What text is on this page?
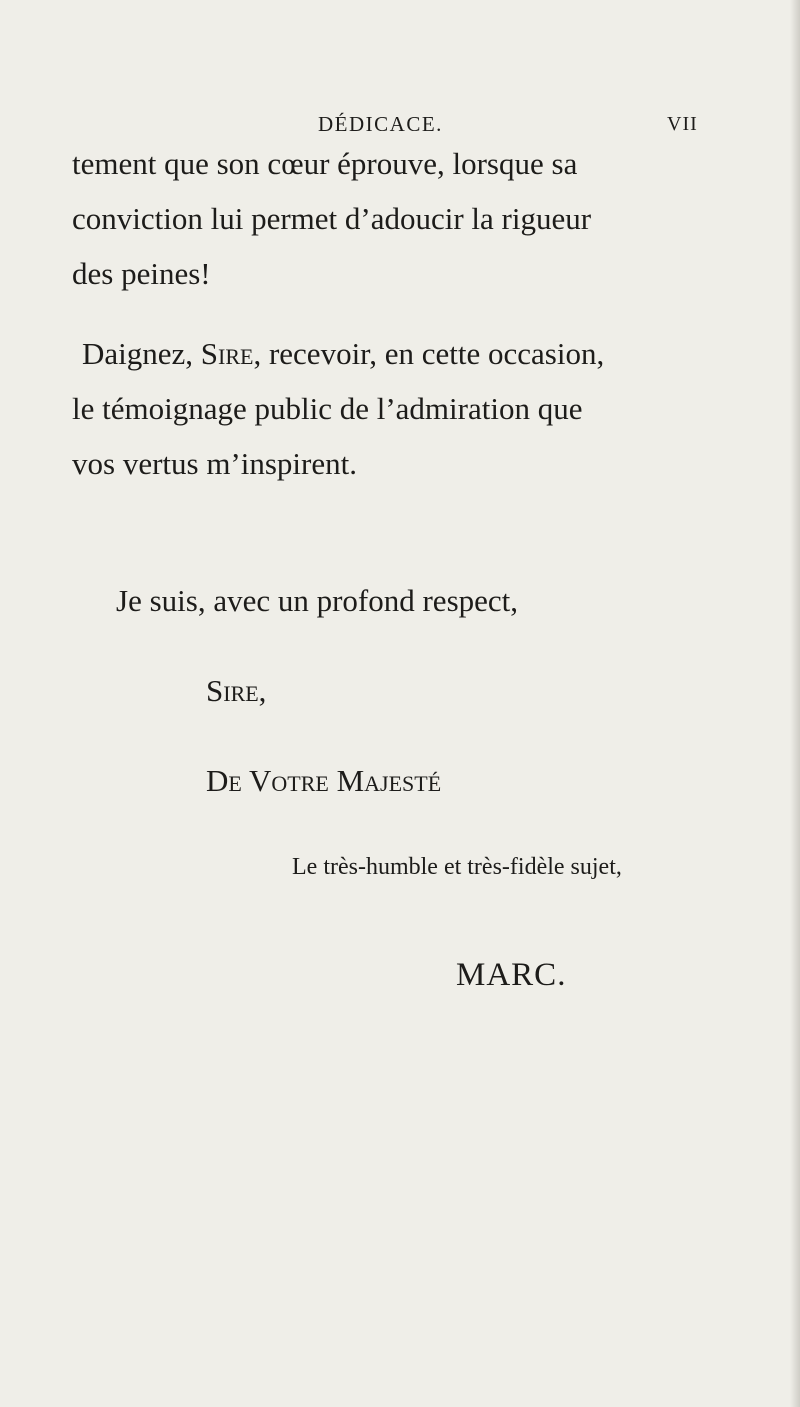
DÉDICACE.	VII

tement que son cœur éprouve, lorsque sa
conviction lui permet d’adoucir la rigueur
des peines!

Daignez, Sire, recevoir, en cette occasion,
le témoignage public de l’admiration que
vos vertus m’inspirent.

Je suis, avec un profond respect,

Sire,

De Votre Majesté

Le très-humble et très-fidèle sujet,

MARC.
